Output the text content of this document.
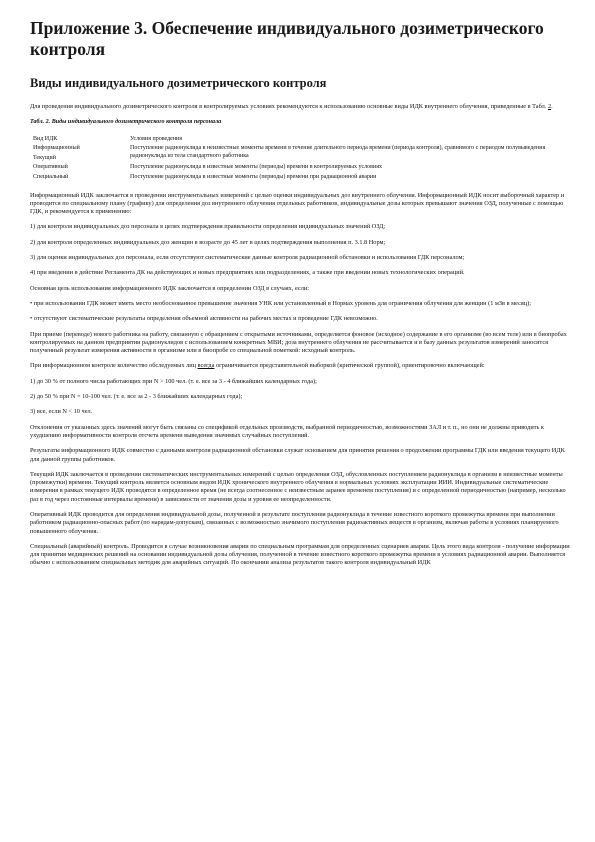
Приложение 3. Обеспечение индивидуального дозиметрического контроля
Виды индивидуального дозиметрического контроля

Для проведения индивидуального дозиметрического контроля в контролируемых условиях рекомендуются к использованию основные виды ИДК внутреннего облучения, приведенные в Табл. 2.

Табл. 2. Виды индивидуального дозиметрического контроля персонала

Вид ИДК	Условия проведения
Информационный	Поступление радионуклида в неизвестные моменты времени в течение длительного периода времени (периода контроля), сравнимого с периодом полувыведения радионуклида из тела стандартного работника
Текущий	
Оперативный	Поступление радионуклида в известные моменты (периоды) времени в контролируемых условиях
Специальный	Поступление радионуклида в известные моменты (периоды) времени при радиационной аварии

Информационный ИДК заключается в проведении инструментальных измерений с целью оценки индивидуальных доз внутреннего облучения. Информационный ИДК носит выборочный характер и проводится по специальному плану (графику) для определения доз внутреннего облучения отдельных работников, индивидуальные дозы которых превышают значения ОЗД, полученные с помощью ГДК, и рекомендуется к применению:

1) для контроля индивидуальных доз персонала в целях подтверждения правильности определения индивидуальных значений ОЗД;

2) для контроля определенных индивидуальных доз женщин в возрасте до 45 лет в целях подтверждения выполнения п. 3.1.8 Норм;

3) для оценки индивидуальных доз персонала, если отсутствуют систематические данные контроля радиационной обстановки и использования ГДК персоналом;

4) при введении в действие Регламента ДК на действующих и новых предприятиях или подразделениях, а также при введении новых технологических операций.

Основная цель использования информационного ИДК заключается в определении ОЗД в случаях, если:

• при использовании ГДК может иметь место необоснованное превышение значения УНК или установленный в Нормах уровень для ограничения облучения для женщин (1 мЗв в месяц);

• отсутствуют систематические результаты определения объемной активности на рабочих местах и проведение ГДК невозможно.

При приеме (переводе) нового работника на работу, связанную с обращением с открытыми источниками, определяется фоновое (исходное) содержание в его организме (во всем теле) или в биопробах контролируемых на данном предприятии радионуклидов с использованием конкретных МВИ; доза внутреннего облучения не рассчитывается и в базу данных результатов измерений заносится полученный результат измерения активности в организме или в биопробе со специальной пометкой: исходный контроль.

При информационном контроле количество обследуемых лиц всегда ограничивается представительной выборкой (критической группой), ориентировочно включающей:

1) до 30 % от полного числа работающих при N > 100 чел. (т. е. все за 3 - 4 ближайших календарных года);

2) до 50 % при N = 10-100 чел. (т. е. все за 2 - 3 ближайших календарных года);

3) все, если N < 10 чел.

Отклонения от указанных здесь значений могут быть связаны со спецификой отдельных производств, выбранной периодичностью, возможностями ЗАЛ и т. п., но они не должны приводить к ухудшению информативности контроля отсчета времени выведения значимых случайных поступлений.

Результаты информационного ИДК совместно с данными контроля радиационной обстановки служат основанием для принятия решения о продолжении программы ГДК или введения текущего ИДК для данной группы работников.

Текущий ИДК заключается в проведении систематических инструментальных измерений с целью определения ОЗД, обусловленных поступлением радионуклида в организм в неизвестные моменты (промежутки) времени. Текущий контроль является основным видом ИДК хронического внутреннего облучения в нормальных условиях эксплуатации ИИИ. Индивидуальные систематические измерения в рамках текущего ИДК проводятся в определенное время (не всегда соотнесенное с неизвестным заранее временем поступления) и с определенной периодичностью (например, несколько раз в год через постоянные интервалы времени) в зависимости от значения дозы и уровня ее неопределенности.

Оперативный ИДК проводится для определения индивидуальной дозы, полученной в результате поступления радионуклида в течение известного короткого промежутка времени при выполнении работником радиационно-опасных работ (по нарядам-допускам), связанных с возможностью значимого поступления радиоактивных веществ в организм, включая работы в условиях планируемого повышенного облучения.

Специальный (аварийный) контроль. Проводится в случае возникновения аварии по специальным программам для определенных сценариев аварии. Цель этого вида контроля - получение информации для принятия медицинских решений на основании индивидуальной дозы облучения, полученной в течение известного короткого промежутка времени в условиях радиационной аварии. Выполняется обычно с использованием специальных методик для аварийных ситуаций. По окончании анализа результатов такого контроля индивидуальный ИДК
